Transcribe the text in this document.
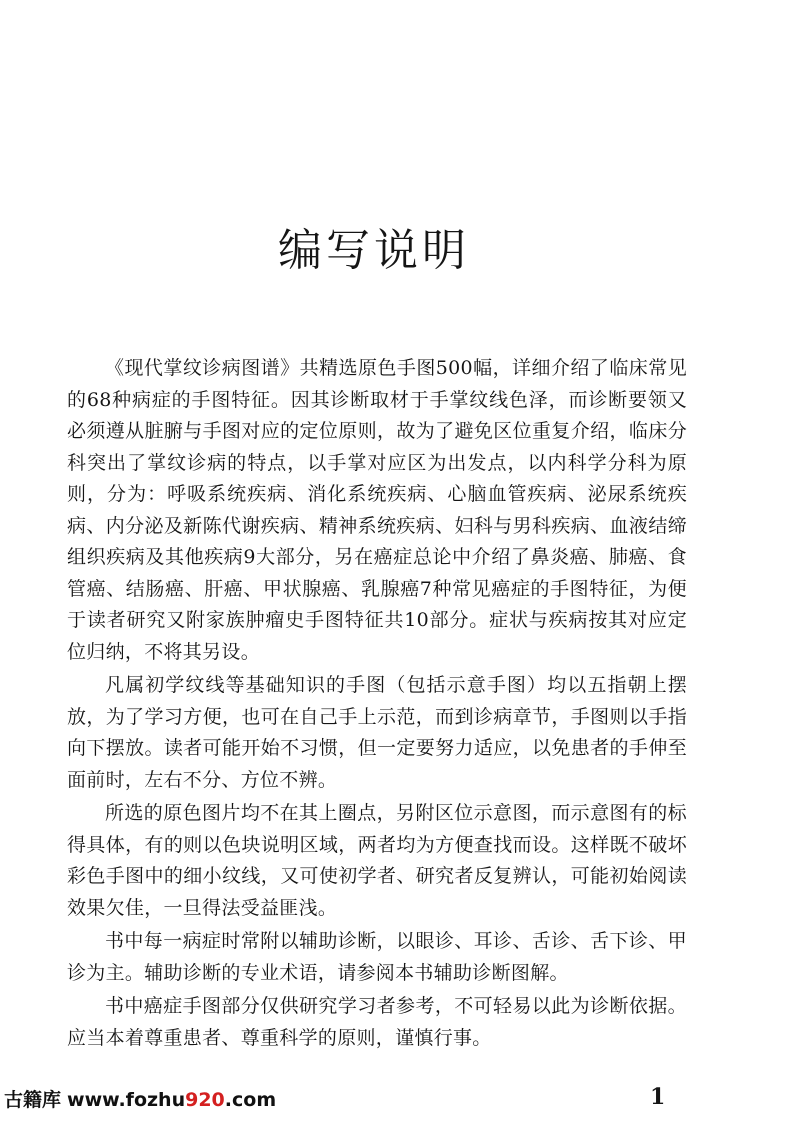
编写说明

《现代掌纹诊病图谱》共精选原色手图500幅，详细介绍了临床常见的68种病症的手图特征。因其诊断取材于手掌纹线色泽，而诊断要领又必须遵从脏腑与手图对应的定位原则，故为了避免区位重复介绍，临床分科突出了掌纹诊病的特点，以手掌对应区为出发点，以内科学分科为原则，分为：呼吸系统疾病、消化系统疾病、心脑血管疾病、泌尿系统疾病、内分泌及新陈代谢疾病、精神系统疾病、妇科与男科疾病、血液结缔组织疾病及其他疾病9大部分，另在癌症总论中介绍了鼻炎癌、肺癌、食管癌、结肠癌、肝癌、甲状腺癌、乳腺癌7种常见癌症的手图特征，为便于读者研究又附家族肿瘤史手图特征共10部分。症状与疾病按其对应定位归纳，不将其另设。

凡属初学纹线等基础知识的手图（包括示意手图）均以五指朝上摆放，为了学习方便，也可在自己手上示范，而到诊病章节，手图则以手指向下摆放。读者可能开始不习惯，但一定要努力适应，以免患者的手伸至面前时，左右不分、方位不辨。

所选的原色图片均不在其上圈点，另附区位示意图，而示意图有的标得具体，有的则以色块说明区域，两者均为方便查找而设。这样既不破坏彩色手图中的细小纹线，又可使初学者、研究者反复辨认，可能初始阅读效果欠佳，一旦得法受益匪浅。

书中每一病症时常附以辅助诊断，以眼诊、耳诊、舌诊、舌下诊、甲诊为主。辅助诊断的专业术语，请参阅本书辅助诊断图解。

书中癌症手图部分仅供研究学习者参考，不可轻易以此为诊断依据。应当本着尊重患者、尊重科学的原则，谨慎行事。

古籍库 www.fozhu920.com	1
